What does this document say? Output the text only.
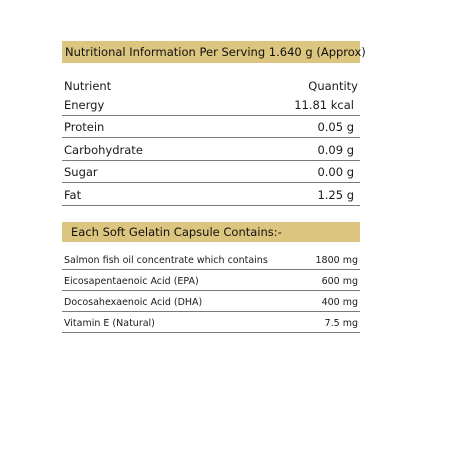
Nutritional Information Per Serving 1.640 g (Approx)
Nutrient	Quantity
Energy	11.81 kcal
Protein	0.05 g
Carbohydrate	0.09 g
Sugar	0.00 g
Fat	1.25 g
Each Soft Gelatin Capsule Contains:-
Salmon fish oil concentrate which contains	1800 mg
Eicosapentaenoic Acid (EPA)	600 mg
Docosahexaenoic Acid (DHA)	400 mg
Vitamin E (Natural)	7.5 mg
